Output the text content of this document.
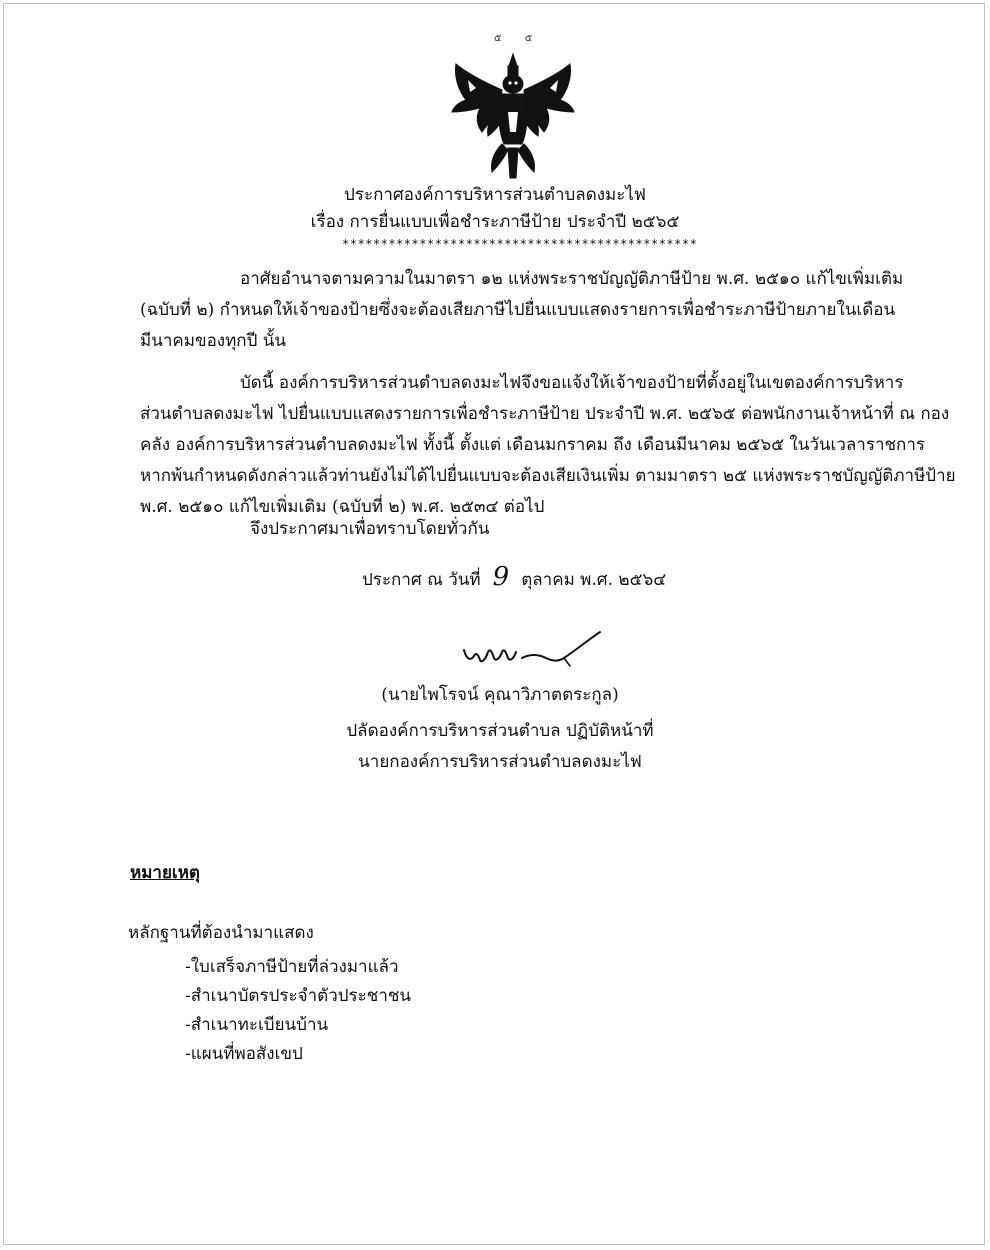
๕ ๕
ประกาศองค์การบริหารส่วนตำบลดงมะไฟ
เรื่อง การยื่นแบบเพื่อชำระภาษีป้าย ประจำปี ๒๕๖๕
**********************************************
อาศัยอำนาจตามความในมาตรา ๑๒ แห่งพระราชบัญญัติภาษีป้าย พ.ศ. ๒๕๑๐ แก้ไขเพิ่มเติม
(ฉบับที่ ๒) กำหนดให้เจ้าของป้ายซึ่งจะต้องเสียภาษีไปยื่นแบบแสดงรายการเพื่อชำระภาษีป้ายภายในเดือน
มีนาคมของทุกปี นั้น
บัดนี้ องค์การบริหารส่วนตำบลดงมะไฟจึงขอแจ้งให้เจ้าของป้ายที่ตั้งอยู่ในเขตองค์การบริหาร
ส่วนตำบลดงมะไฟ ไปยื่นแบบแสดงรายการเพื่อชำระภาษีป้าย ประจำปี พ.ศ. ๒๕๖๕ ต่อพนักงานเจ้าหน้าที่ ณ กอง
คลัง องค์การบริหารส่วนตำบลดงมะไฟ ทั้งนี้ ตั้งแต่ เดือนมกราคม ถึง เดือนมีนาคม ๒๕๖๕ ในวันเวลาราชการ
หากพ้นกำหนดดังกล่าวแล้วท่านยังไม่ได้ไปยื่นแบบจะต้องเสียเงินเพิ่ม ตามมาตรา ๒๕ แห่งพระราชบัญญัติภาษีป้าย
พ.ศ. ๒๕๑๐ แก้ไขเพิ่มเติม (ฉบับที่ ๒) พ.ศ. ๒๕๓๔ ต่อไป
จึงประกาศมาเพื่อทราบโดยทั่วกัน
ประกาศ ณ วันที่ 9 ตุลาคม พ.ศ. ๒๕๖๔
(นายไพโรจน์ คุณาวิภาตตระกูล)
ปลัดองค์การบริหารส่วนตำบล ปฏิบัติหน้าที่
นายกองค์การบริหารส่วนตำบลดงมะไฟ
หมายเหตุ
หลักฐานที่ต้องนำมาแสดง
-ใบเสร็จภาษีป้ายที่ล่วงมาแล้ว
-สำเนาบัตรประจำตัวประชาชน
-สำเนาทะเบียนบ้าน
-แผนที่พอสังเขป
